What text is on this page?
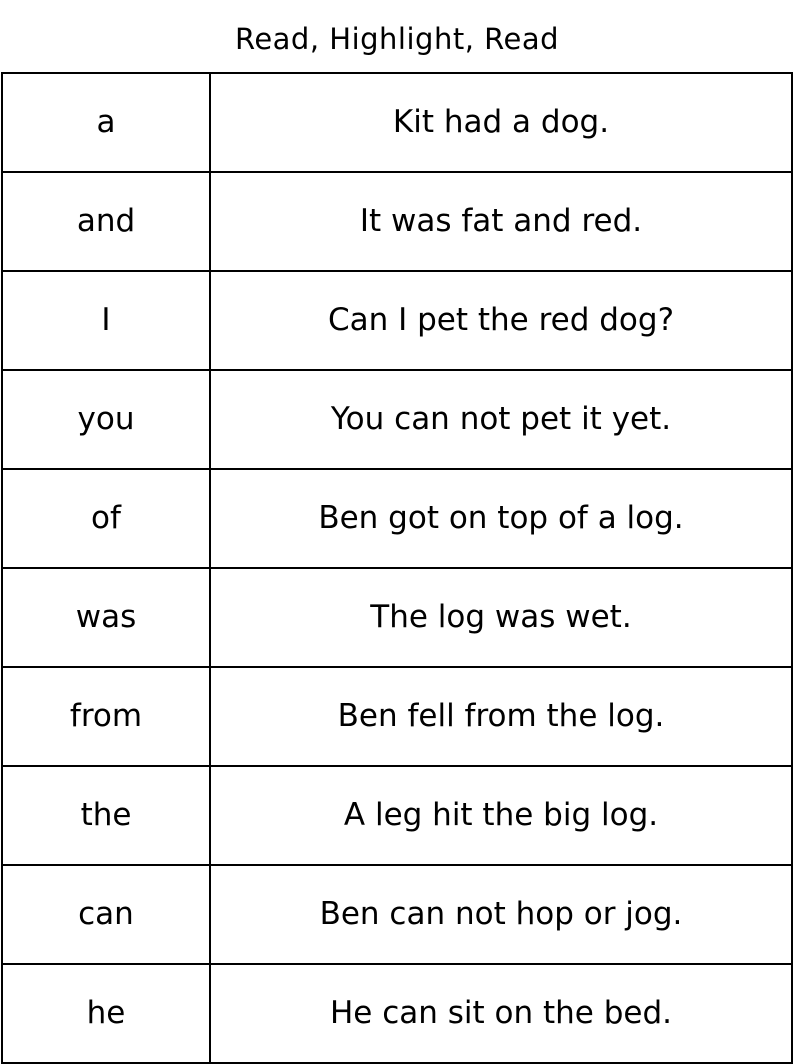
Read, Highlight, Read
a	Kit had a dog.

and	It was fat and red.

I	Can I pet the red dog?

you	You can not pet it yet.

of	Ben got on top of a log.

was	The log was wet.

from	Ben fell from the log.

the	A leg hit the big log.

can	Ben can not hop or jog.

he	He can sit on the bed.
